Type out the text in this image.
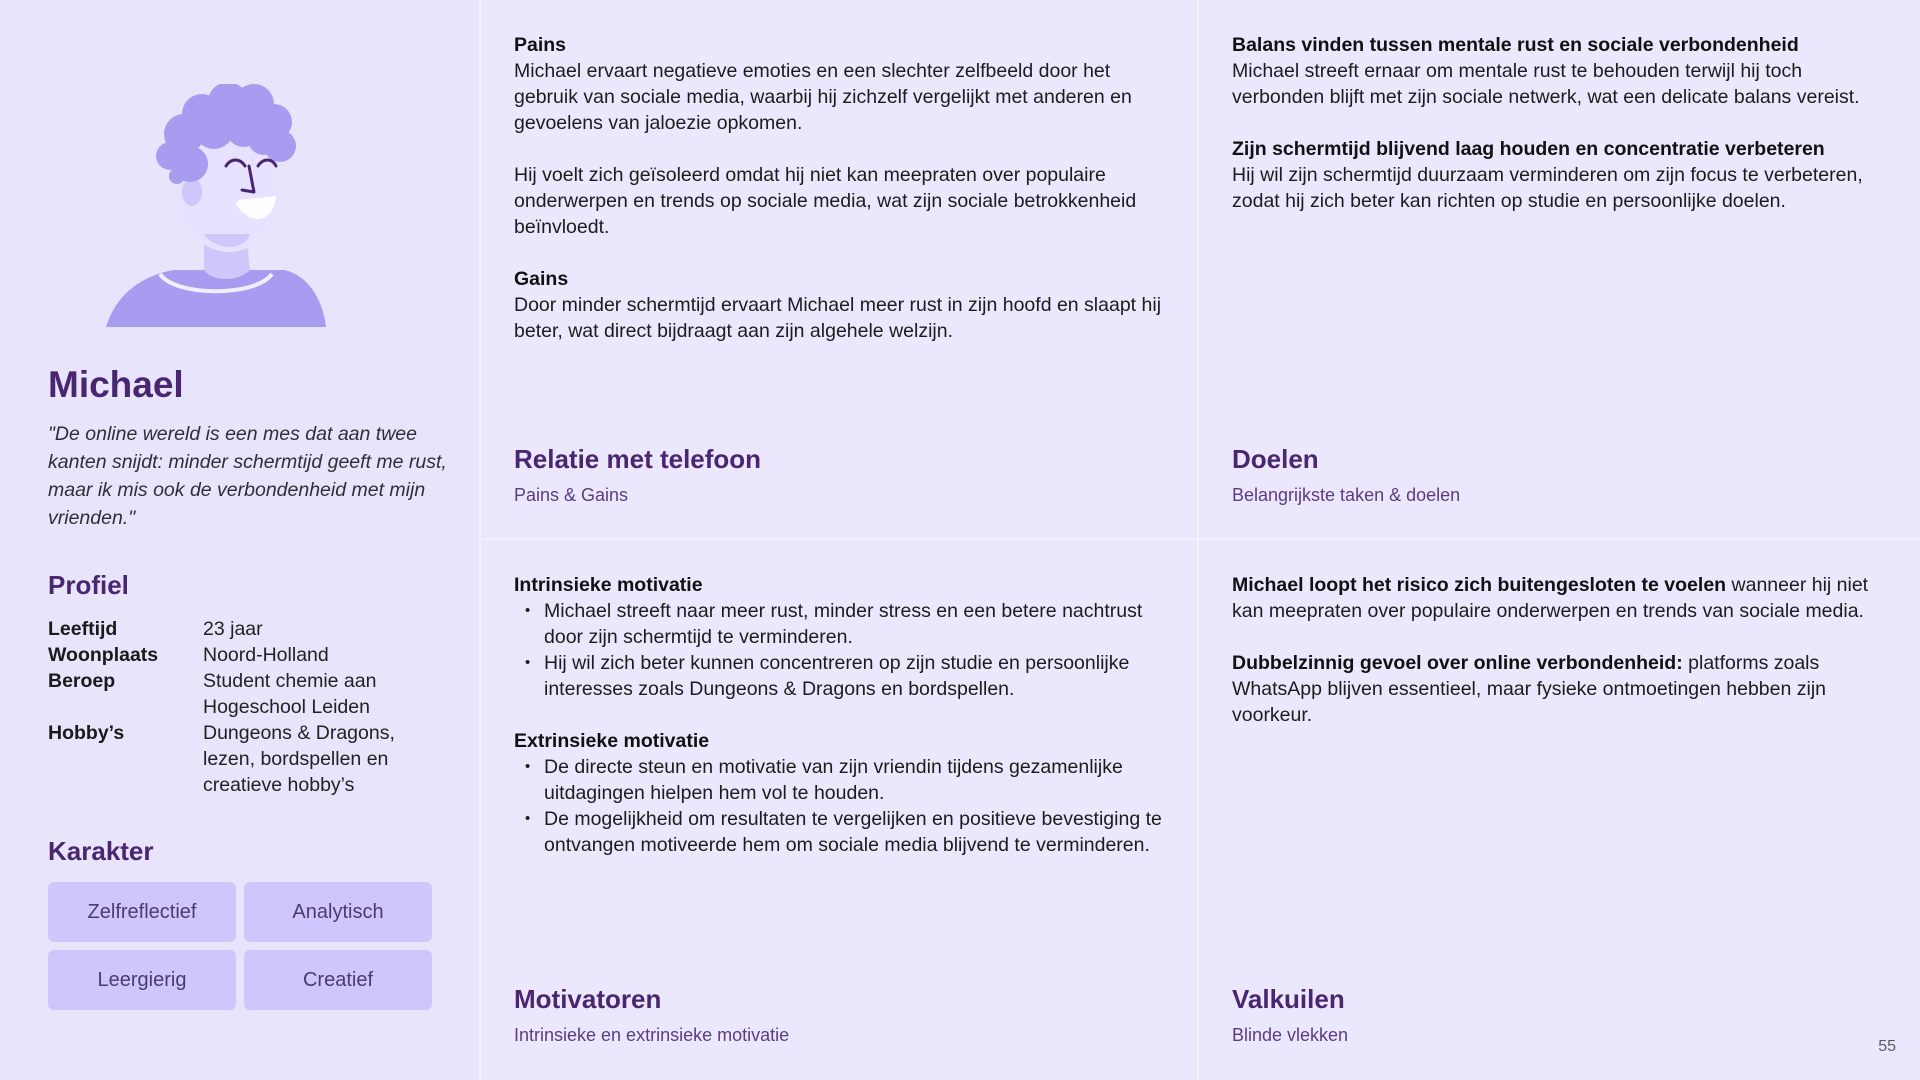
Michael
"De online wereld is een mes dat aan twee kanten snijdt: minder schermtijd geeft me rust, maar ik mis ook de verbondenheid met mijn vrienden."
Profiel
Leeftijd	23 jaar
Woonplaats	Noord-Holland
Beroep	Student chemie aan Hogeschool Leiden
Hobby’s	Dungeons & Dragons, lezen, bordspellen en creatieve hobby’s
Karakter
Zelfreflectief	Analytisch
Leergierig	Creatief

Pains

Michael ervaart negatieve emoties en een slechter zelfbeeld door het gebruik van sociale media, waarbij hij zichzelf vergelijkt met anderen en gevoelens van jaloezie opkomen.

Hij voelt zich geïsoleerd omdat hij niet kan meepraten over populaire onderwerpen en trends op sociale media, wat zijn sociale betrokkenheid beïnvloedt.

Gains

Door minder schermtijd ervaart Michael meer rust in zijn hoofd en slaapt hij beter, wat direct bijdraagt aan zijn algehele welzijn.

Relatie met telefoon
Pains & Gains

Balans vinden tussen mentale rust en sociale verbondenheid

Michael streeft ernaar om mentale rust te behouden terwijl hij toch verbonden blijft met zijn sociale netwerk, wat een delicate balans vereist.

Zijn schermtijd blijvend laag houden en concentratie verbeteren

Hij wil zijn schermtijd duurzaam verminderen om zijn focus te verbeteren, zodat hij zich beter kan richten op studie en persoonlijke doelen.

Doelen
Belangrijkste taken & doelen

Intrinsieke motivatie

• Michael streeft naar meer rust, minder stress en een betere nachtrust door zijn schermtijd te verminderen.
• Hij wil zich beter kunnen concentreren op zijn studie en persoonlijke interesses zoals Dungeons & Dragons en bordspellen.

Extrinsieke motivatie

• De directe steun en motivatie van zijn vriendin tijdens gezamenlijke uitdagingen hielpen hem vol te houden.
• De mogelijkheid om resultaten te vergelijken en positieve bevestiging te ontvangen motiveerde hem om sociale media blijvend te verminderen.
Motivatoren
Intrinsieke en extrinsieke motivatie

Michael loopt het risico zich buitengesloten te voelen wanneer hij niet kan meepraten over populaire onderwerpen en trends van sociale media.

Dubbelzinnig gevoel over online verbondenheid: platforms zoals WhatsApp blijven essentieel, maar fysieke ontmoetingen hebben zijn voorkeur.

Valkuilen
Blinde vlekken
55
